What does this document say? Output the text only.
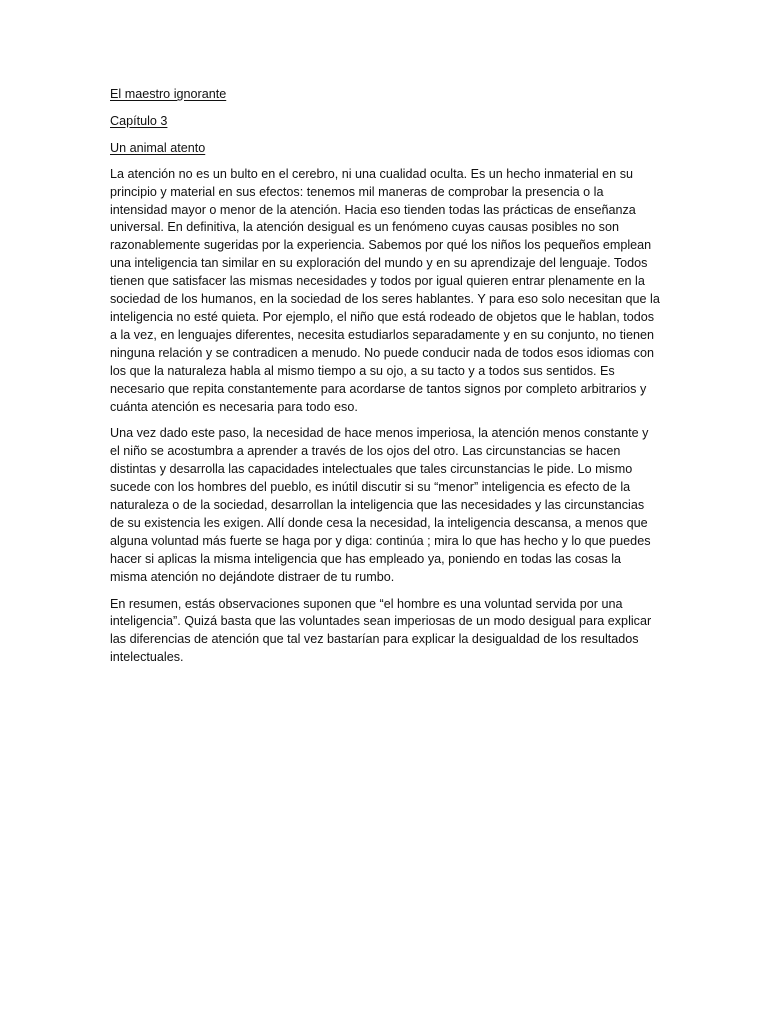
El maestro ignorante
Capítulo 3
Un animal atento

La atención no es un bulto en el cerebro, ni una cualidad oculta. Es un hecho inmaterial en su principio y material en sus efectos: tenemos mil maneras de comprobar la presencia o la intensidad mayor o menor de la atención. Hacia eso tienden todas las prácticas de enseñanza universal. En definitiva, la atención desigual es un fenómeno cuyas causas posibles no son razonablemente sugeridas por la experiencia. Sabemos por qué los niños los pequeños emplean una inteligencia tan similar en su exploración del mundo y en su aprendizaje del lenguaje. Todos tienen que satisfacer las mismas necesidades y todos por igual quieren entrar plenamente en la sociedad de los humanos, en la sociedad de los seres hablantes. Y para eso solo necesitan que la inteligencia no esté quieta. Por ejemplo, el niño que está rodeado de objetos que le hablan, todos a la vez, en lenguajes diferentes, necesita estudiarlos separadamente y en su conjunto, no tienen ninguna relación y se contradicen a menudo. No puede conducir nada de todos esos idiomas con los que la naturaleza habla al mismo tiempo a su ojo, a su tacto y a todos sus sentidos. Es necesario que repita constantemente para acordarse de tantos signos por completo arbitrarios y cuánta atención es necesaria para todo eso.

Una vez dado este paso, la necesidad de hace menos imperiosa, la atención menos constante y el niño se acostumbra a aprender a través de los ojos del otro. Las circunstancias se hacen distintas y desarrolla las capacidades intelectuales que tales circunstancias le pide. Lo mismo sucede con los hombres del pueblo, es inútil discutir si su “menor” inteligencia es efecto de la naturaleza o de la sociedad, desarrollan la inteligencia que las necesidades y las circunstancias de su existencia les exigen. Allí donde cesa la necesidad, la inteligencia descansa, a menos que alguna voluntad más fuerte se haga por y diga: continúa ; mira lo que has hecho y lo que puedes hacer si aplicas la misma inteligencia que has empleado ya, poniendo en todas las cosas la misma atención no dejándote distraer de tu rumbo.

En resumen, estás observaciones suponen que “el hombre es una voluntad servida por una inteligencia”. Quizá basta que las voluntades sean imperiosas de un modo desigual para explicar las diferencias de atención que tal vez bastarían para explicar la desigualdad de los resultados intelectuales.
